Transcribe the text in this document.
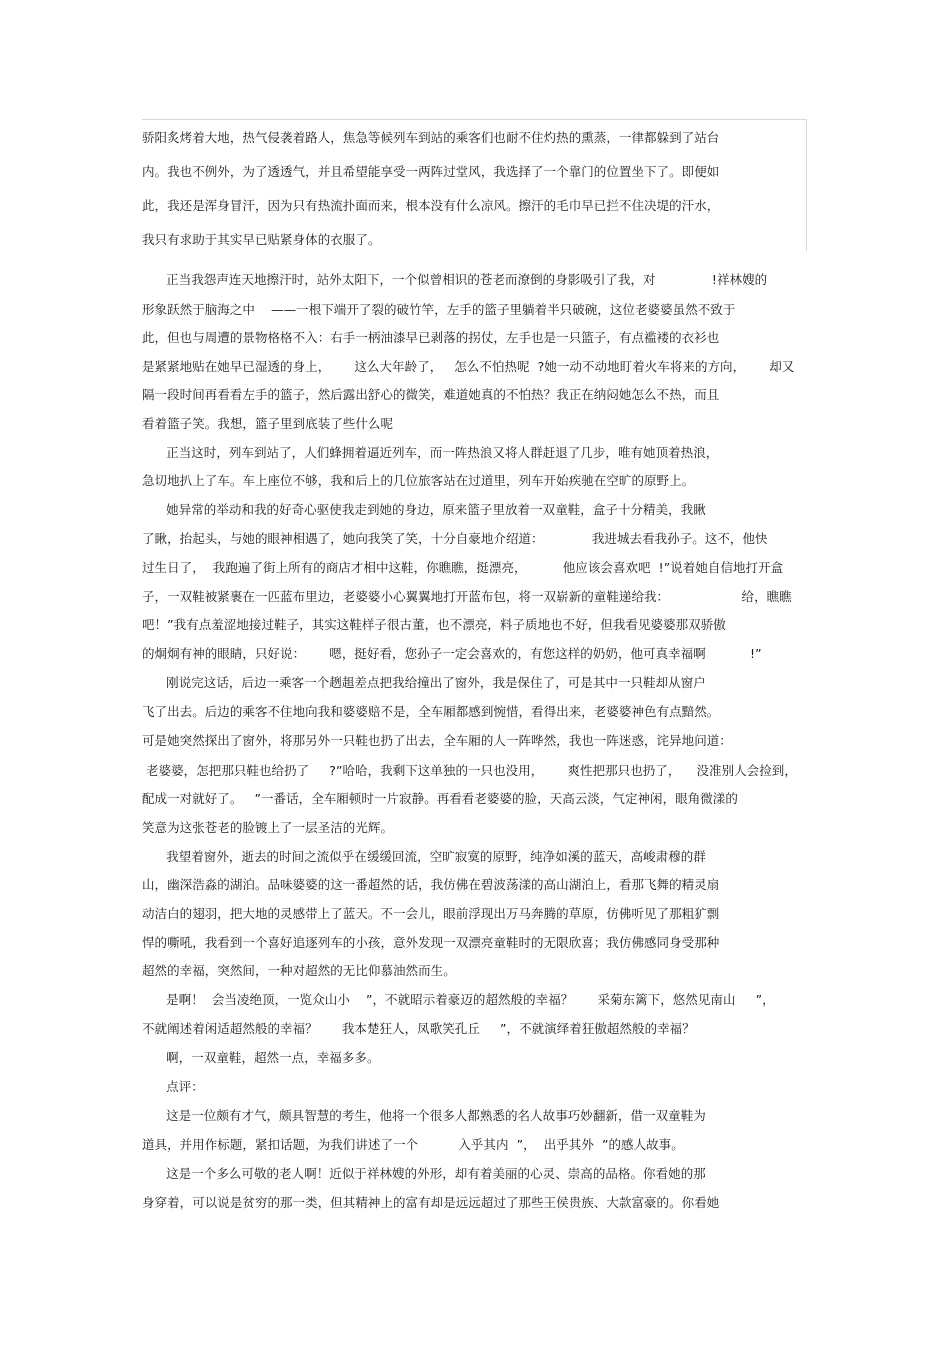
骄阳炙烤着大地，热气侵袭着路人，焦急等候列车到站的乘客们也耐不住灼热的熏蒸，一律都躲到了站台
内。我也不例外，为了透透气，并且希望能享受一两阵过堂风，我选择了一个靠门的位置坐下了。即便如
此，我还是浑身冒汗，因为只有热流扑面而来，根本没有什么凉风。擦汗的毛巾早已拦不住决堤的汗水，
我只有求助于其实早已贴紧身体的衣服了。
正当我怨声连天地擦汗时，站外太阳下，一个似曾相识的苍老而潦倒的身影吸引了我，对              !祥林嫂的
形象跃然于脑海之中    ——一根下端开了裂的破竹竿，左手的篮子里躺着半只破碗，这位老婆婆虽然不致于
此，但也与周遭的景物格格不入：右手一柄油漆早已剥落的拐仗，左手也是一只篮子，有点褴褛的衣衫也
是紧紧地贴在她早已湿透的身上，      这么大年龄了，   怎么不怕热呢  ?她一动不动地盯着火车将来的方向，      却又
隔一段时间再看看左手的篮子，然后露出舒心的微笑，难道她真的不怕热？我正在纳闷她怎么不热，而且
看着篮子笑。我想，篮子里到底装了些什么呢
正当这时，列车到站了，人们蜂拥着逼近列车，而一阵热浪又将人群赶退了几步，唯有她顶着热浪，
急切地扒上了车。车上座位不够，我和后上的几位旅客站在过道里，列车开始疾驰在空旷的原野上。
她异常的举动和我的好奇心驱使我走到她的身边，原来篮子里放着一双童鞋，盒子十分精美，我瞅
了瞅，抬起头，与她的眼神相遇了，她向我笑了笑，十分自豪地介绍道：            我进城去看我孙子。这不，他快
过生日了，  我跑遍了街上所有的商店才相中这鞋，你瞧瞧，挺漂亮，         他应该会喜欢吧  !”说着她自信地打开盒
子，一双鞋被紧裹在一匹蓝布里边，老婆婆小心翼翼地打开蓝布包，将一双崭新的童鞋递给我：                  给，瞧瞧
吧！”我有点羞涩地接过鞋子，其实这鞋样子很古董，也不漂亮，料子质地也不好，但我看见婆婆那双骄傲
的炯炯有神的眼睛，只好说：      嗯，挺好看，您孙子一定会喜欢的，有您这样的奶奶，他可真幸福啊           !”
刚说完这话，后边一乘客一个趔趄差点把我给撞出了窗外，我是保住了，可是其中一只鞋却从窗户
飞了出去。后边的乘客不住地向我和婆婆赔不是，全车厢都感到惋惜，看得出来，老婆婆神色有点黯然。
可是她突然探出了窗外，将那另外一只鞋也扔了出去，全车厢的人一阵哗然，我也一阵迷惑，诧异地问道：
老婆婆，怎把那只鞋也给扔了     ?”哈哈，我剩下这单独的一只也没用，      爽性把那只也扔了，    没准别人会捡到，
配成一对就好了。   ”一番话，全车厢顿时一片寂静。再看看老婆婆的脸，天高云淡，气定神闲，眼角微漾的
笑意为这张苍老的脸镀上了一层圣洁的光辉。
我望着窗外，逝去的时间之流似乎在缓缓回流，空旷寂寞的原野，纯净如溪的蓝天，高峻肃穆的群
山，幽深浩淼的湖泊。品味婆婆的这一番超然的话，我仿佛在碧波荡漾的高山湖泊上，看那飞舞的精灵扇
动洁白的翅羽，把大地的灵感带上了蓝天。不一会儿，眼前浮现出万马奔腾的草原，仿佛听见了那粗犷剽
悍的嘶吼，我看到一个喜好追逐列车的小孩，意外发现一双漂亮童鞋时的无限欣喜；我仿佛感同身受那种
超然的幸福，突然间，一种对超然的无比仰慕油然而生。
是啊！  会当凌绝顶，一览众山小    ”，不就昭示着豪迈的超然般的幸福？      采菊东篱下，悠然见南山     ”，
不就阐述着闲适超然般的幸福？      我本楚狂人，凤歌笑孔丘     ”，不就演绎着狂傲超然般的幸福？
啊，一双童鞋，超然一点，幸福多多。
点评：
这是一位颇有才气，颇具智慧的考生，他将一个很多人都熟悉的名人故事巧妙翻新，借一双童鞋为
道具，并用作标题，紧扣话题，为我们讲述了一个          入乎其内  ”，  出乎其外  ”的感人故事。
这是一个多么可敬的老人啊！近似于祥林嫂的外形，却有着美丽的心灵、崇高的品格。你看她的那
身穿着，可以说是贫穷的那一类，但其精神上的富有却是远远超过了那些王侯贵族、大款富豪的。你看她
